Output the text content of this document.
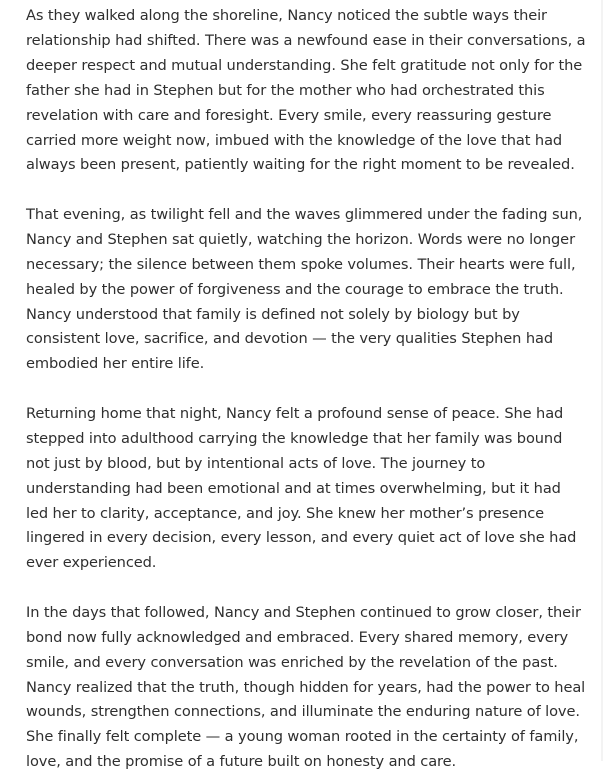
As they walked along the shoreline, Nancy noticed the subtle ways their relationship had shifted. There was a newfound ease in their conversations, a deeper respect and mutual understanding. She felt gratitude not only for the father she had in Stephen but for the mother who had orchestrated this revelation with care and foresight. Every smile, every reassuring gesture carried more weight now, imbued with the knowledge of the love that had always been present, patiently waiting for the right moment to be revealed.

That evening, as twilight fell and the waves glimmered under the fading sun, Nancy and Stephen sat quietly, watching the horizon. Words were no longer necessary; the silence between them spoke volumes. Their hearts were full, healed by the power of forgiveness and the courage to embrace the truth. Nancy understood that family is defined not solely by biology but by consistent love, sacrifice, and devotion — the very qualities Stephen had embodied her entire life.

Returning home that night, Nancy felt a profound sense of peace. She had stepped into adulthood carrying the knowledge that her family was bound not just by blood, but by intentional acts of love. The journey to understanding had been emotional and at times overwhelming, but it had led her to clarity, acceptance, and joy. She knew her mother’s presence lingered in every decision, every lesson, and every quiet act of love she had ever experienced.

In the days that followed, Nancy and Stephen continued to grow closer, their bond now fully acknowledged and embraced. Every shared memory, every smile, and every conversation was enriched by the revelation of the past. Nancy realized that the truth, though hidden for years, had the power to heal wounds, strengthen connections, and illuminate the enduring nature of love. She finally felt complete — a young woman rooted in the certainty of family, love, and the promise of a future built on honesty and care.
